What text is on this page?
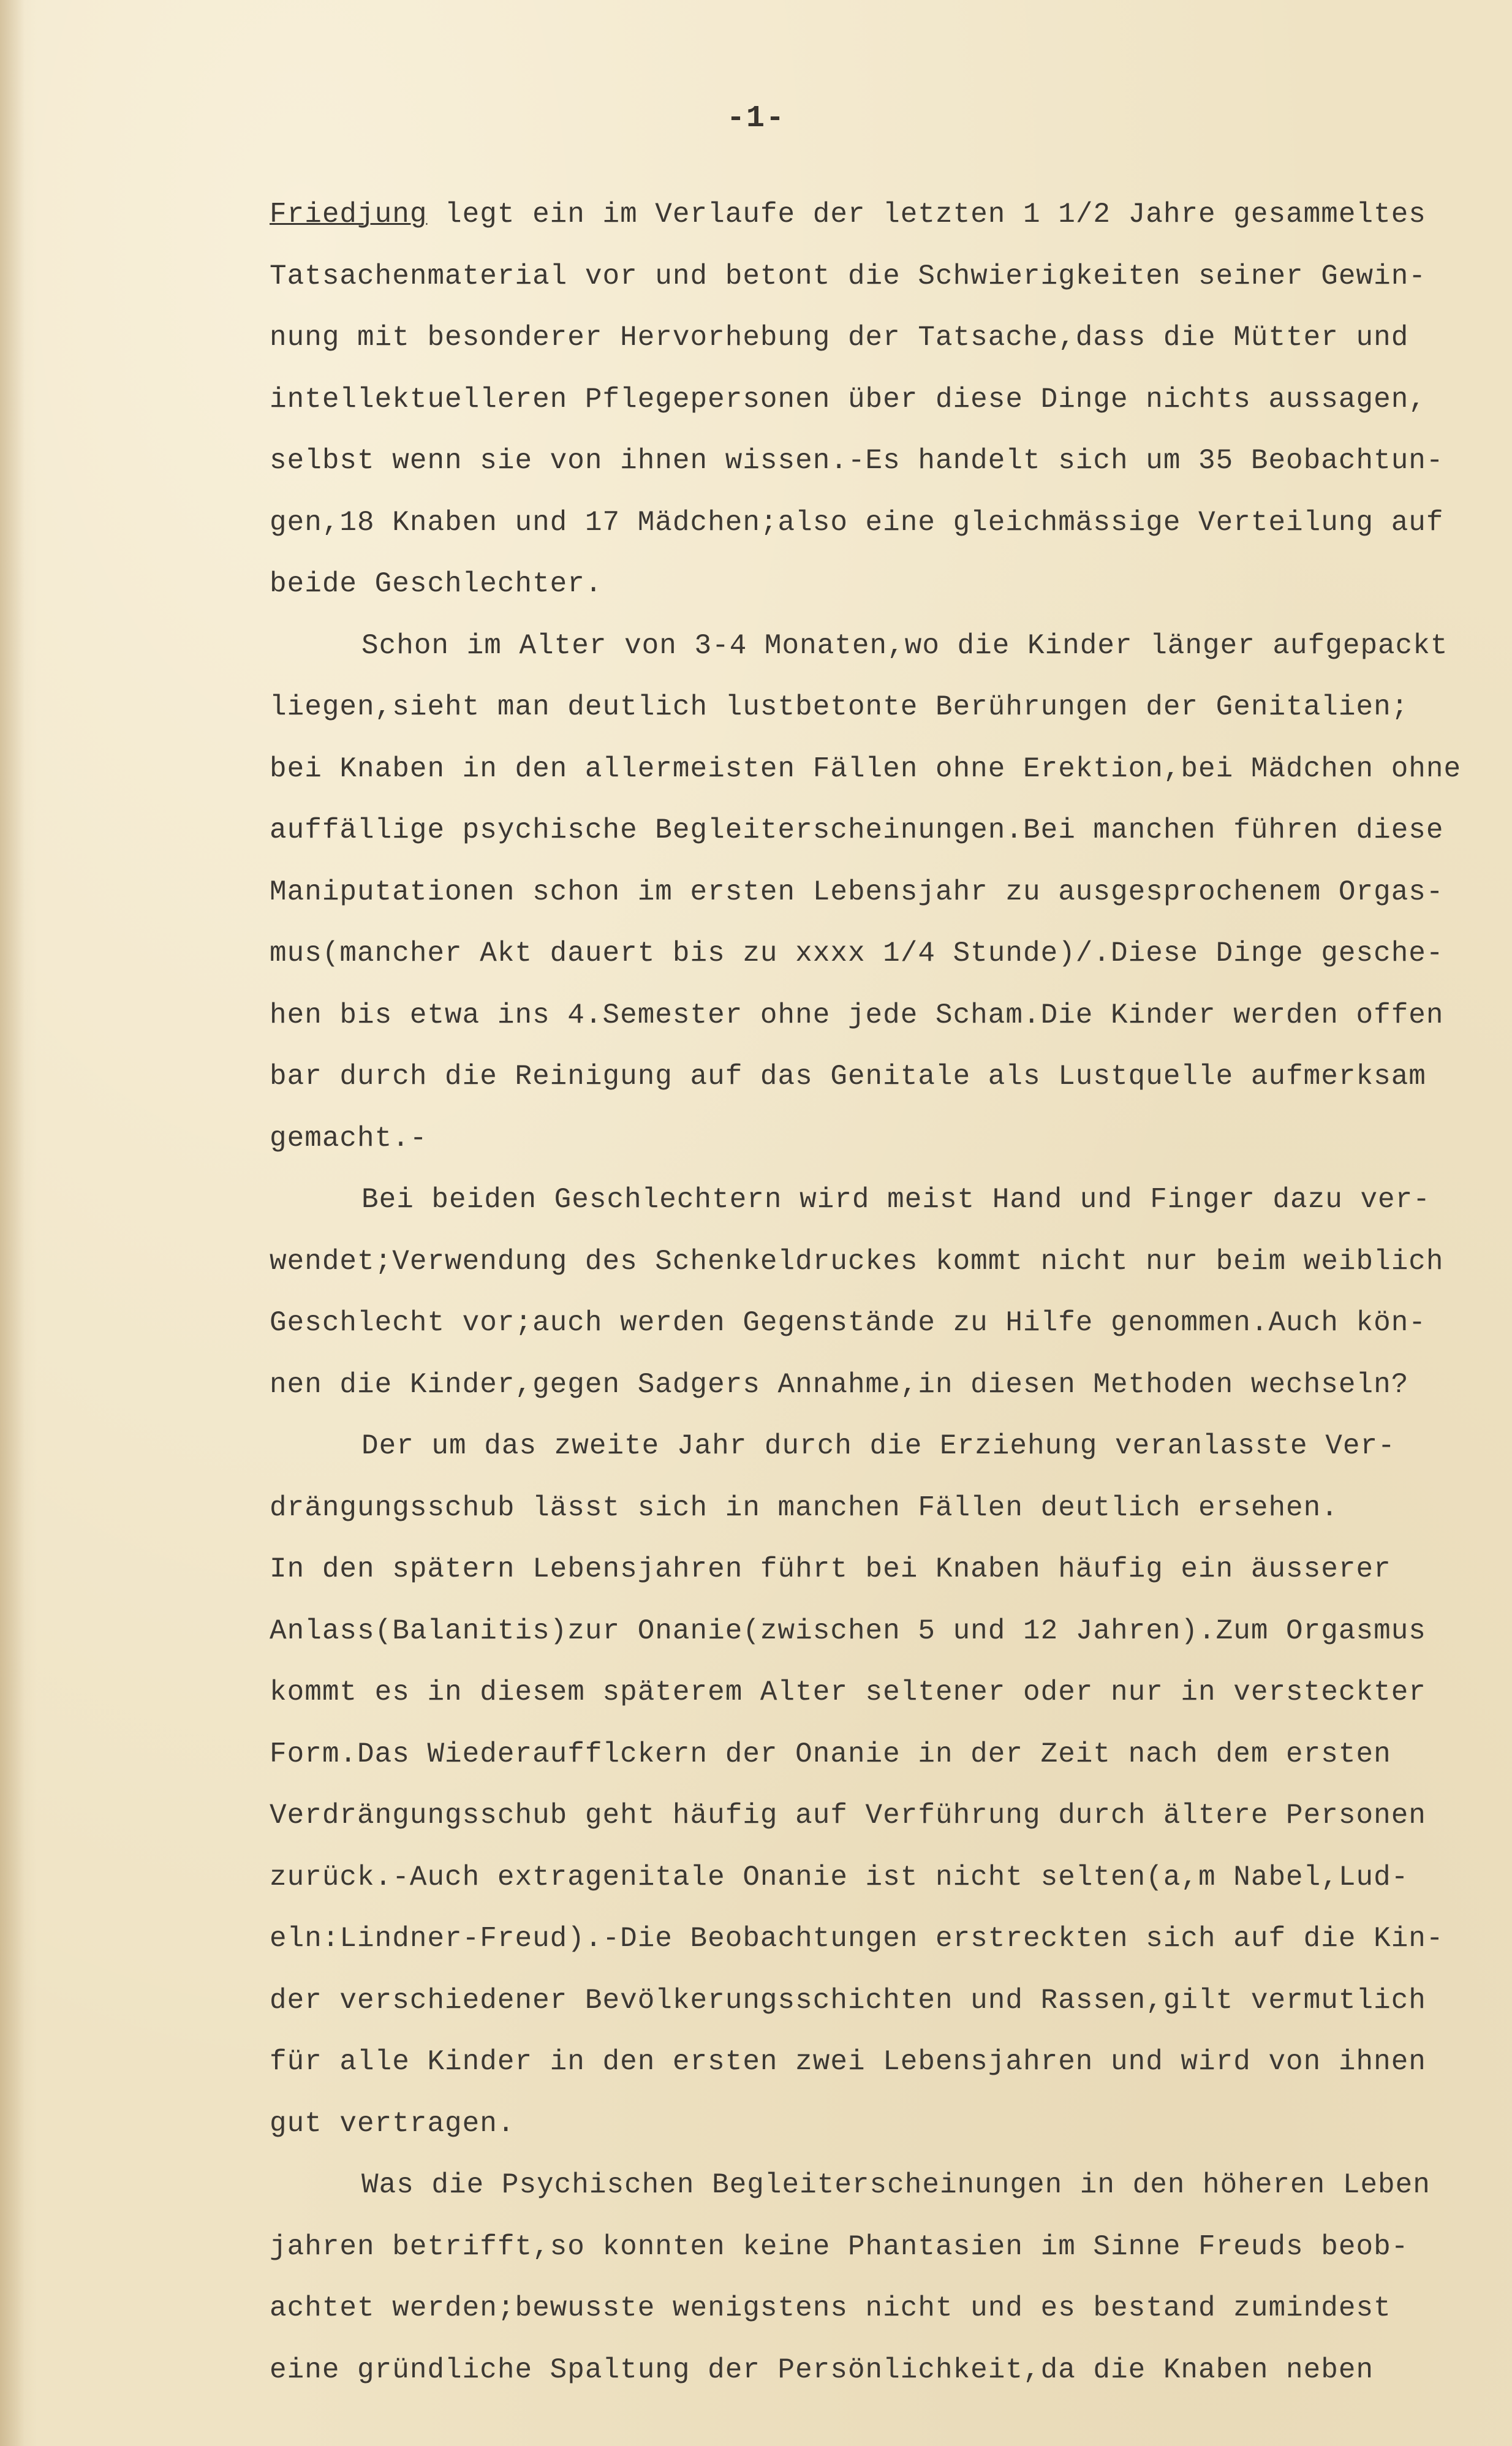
-1-
Friedjung legt ein im Verlaufe der letzten 1 1/2 Jahre gesammeltes
Tatsachenmaterial vor und betont die Schwierigkeiten seiner Gewin-
nung mit besonderer Hervorhebung der Tatsache,dass die Mütter und
intellektuelleren Pflegepersonen über diese Dinge nichts aussagen,
selbst wenn sie von ihnen wissen.-Es handelt sich um 35 Beobachtun-
gen,18 Knaben und 17 Mädchen;also eine gleichmässige Verteilung auf
beide Geschlechter.
Schon im Alter von 3-4 Monaten,wo die Kinder länger aufgepackt
liegen,sieht man deutlich lustbetonte Berührungen der Genitalien;
bei Knaben in den allermeisten Fällen ohne Erektion,bei Mädchen ohne
auffällige psychische Begleiterscheinungen.Bei manchen führen diese
Maniputationen schon im ersten Lebensjahr zu ausgesprochenem Orgas-
mus(mancher Akt dauert bis zu xxxx 1/4 Stunde)/.Diese Dinge gesche-
hen bis etwa ins 4.Semester ohne jede Scham.Die Kinder werden offen
bar durch die Reinigung auf das Genitale als Lustquelle aufmerksam
gemacht.-
Bei beiden Geschlechtern wird meist Hand und Finger dazu ver-
wendet;Verwendung des Schenkeldruckes kommt nicht nur beim weiblich
Geschlecht vor;auch werden Gegenstände zu Hilfe genommen.Auch kön-
nen die Kinder,gegen Sadgers Annahme,in diesen Methoden wechseln?
Der um das zweite Jahr durch die Erziehung veranlasste Ver-
drängungsschub lässt sich in manchen Fällen deutlich ersehen.
In den spätern Lebensjahren führt bei Knaben häufig ein äusserer
Anlass(Balanitis)zur Onanie(zwischen 5 und 12 Jahren).Zum Orgasmus
kommt es in diesem späterem Alter seltener oder nur in versteckter
Form.Das Wiederaufflckern der Onanie in der Zeit nach dem ersten
Verdrängungsschub geht häufig auf Verführung durch ältere Personen
zurück.-Auch extragenitale Onanie ist nicht selten(a,m Nabel,Lud-
eln:Lindner-Freud).-Die Beobachtungen erstreckten sich auf die Kin-
der verschiedener Bevölkerungsschichten und Rassen,gilt vermutlich
für alle Kinder in den ersten zwei Lebensjahren und wird von ihnen
gut vertragen.
Was die Psychischen Begleiterscheinungen in den höheren Leben
jahren betrifft,so konnten keine Phantasien im Sinne Freuds beob-
achtet werden;bewusste wenigstens nicht und es bestand zumindest
eine gründliche Spaltung der Persönlichkeit,da die Knaben neben
